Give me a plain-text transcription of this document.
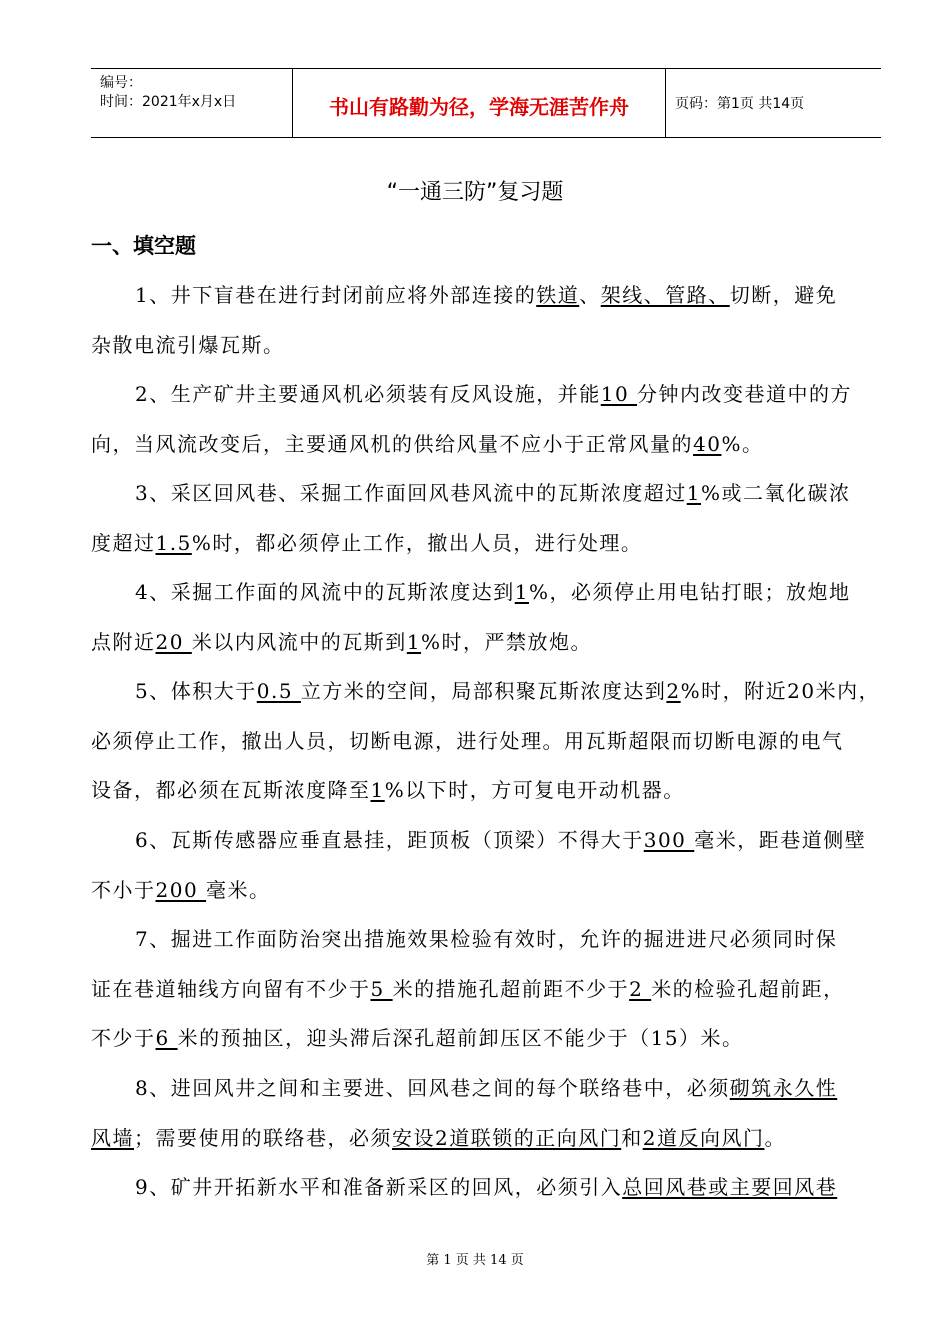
编号：
时间：2021年x月x日	书山有路勤为径，学海无涯苦作舟	页码：第1页 共14页
“一通三防”复习题
一、填空题
1、井下盲巷在进行封闭前应将外部连接的铁道、架线、管路、切断，避免
杂散电流引爆瓦斯。
2、生产矿井主要通风机必须装有反风设施，并能10 分钟内改变巷道中的方
向，当风流改变后，主要通风机的供给风量不应小于正常风量的40%。
3、采区回风巷、采掘工作面回风巷风流中的瓦斯浓度超过1%或二氧化碳浓
度超过1.5%时，都必须停止工作，撤出人员，进行处理。
4、采掘工作面的风流中的瓦斯浓度达到1%，必须停止用电钻打眼；放炮地
点附近20 米以内风流中的瓦斯到1%时，严禁放炮。
5、体积大于0.5 立方米的空间，局部积聚瓦斯浓度达到2%时，附近20米内，
必须停止工作，撤出人员，切断电源，进行处理。用瓦斯超限而切断电源的电气
设备，都必须在瓦斯浓度降至1%以下时，方可复电开动机器。
6、瓦斯传感器应垂直悬挂，距顶板（顶梁）不得大于300 毫米，距巷道侧壁
不小于200 毫米。
7、掘进工作面防治突出措施效果检验有效时，允许的掘进进尺必须同时保
证在巷道轴线方向留有不少于5 米的措施孔超前距不少于2 米的检验孔超前距，
不少于6 米的预抽区，迎头滞后深孔超前卸压区不能少于（15）米。
8、进回风井之间和主要进、回风巷之间的每个联络巷中，必须砌筑永久性
风墙；需要使用的联络巷，必须安设2道联锁的正向风门和2道反向风门。
9、矿井开拓新水平和准备新采区的回风，必须引入总回风巷或主要回风巷
第 1 页 共 14 页
